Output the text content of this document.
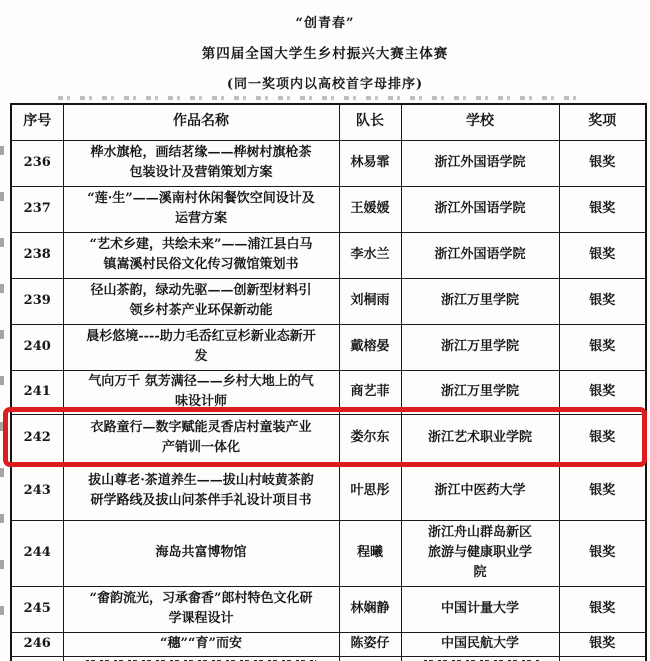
“创青春”
第四届全国大学生乡村振兴大赛主体赛
(同一奖项内以高校首字母排序)
序号	作品名称	队长	学校	奖项
236	桦水旗枪，画结茗缘——桦树村旗枪茶包装设计及营销策划方案	林易霏	浙江外国语学院	银奖
237	“莲·生”——溪南村休闲餐饮空间设计及运营方案	王媛媛	浙江外国语学院	银奖
238	“艺术乡建，共绘未来”——浦江县白马镇嵩溪村民俗文化传习微馆策划书	李水兰	浙江外国语学院	银奖
239	径山茶韵，绿动先驱——创新型材料引领乡村茶产业环保新动能	刘桐雨	浙江万里学院	银奖
240	晨杉悠境----助力毛岙红豆杉新业态新开发	戴榕晏	浙江万里学院	银奖
241	气向万千 氛芳满径——乡村大地上的气味设计师	商艺菲	浙江万里学院	银奖
242	衣路童行—数字赋能灵香店村童装产业产销训一体化	娄尔东	浙江艺术职业学院	银奖
243	拔山尊老·茶道养生——拔山村岐黄茶韵研学路线及拔山问茶伴手礼设计项目书	叶思彤	浙江中医药大学	银奖
244	海岛共富博物馆	程曦	浙江舟山群岛新区旅游与健康职业学院	银奖
245	“畲韵流光，习承畲香”郎村特色文化研学课程设计	林娴静	中国计量大学	银奖
246	“穗”“育”而安	陈姿仔	中国民航大学	银奖
